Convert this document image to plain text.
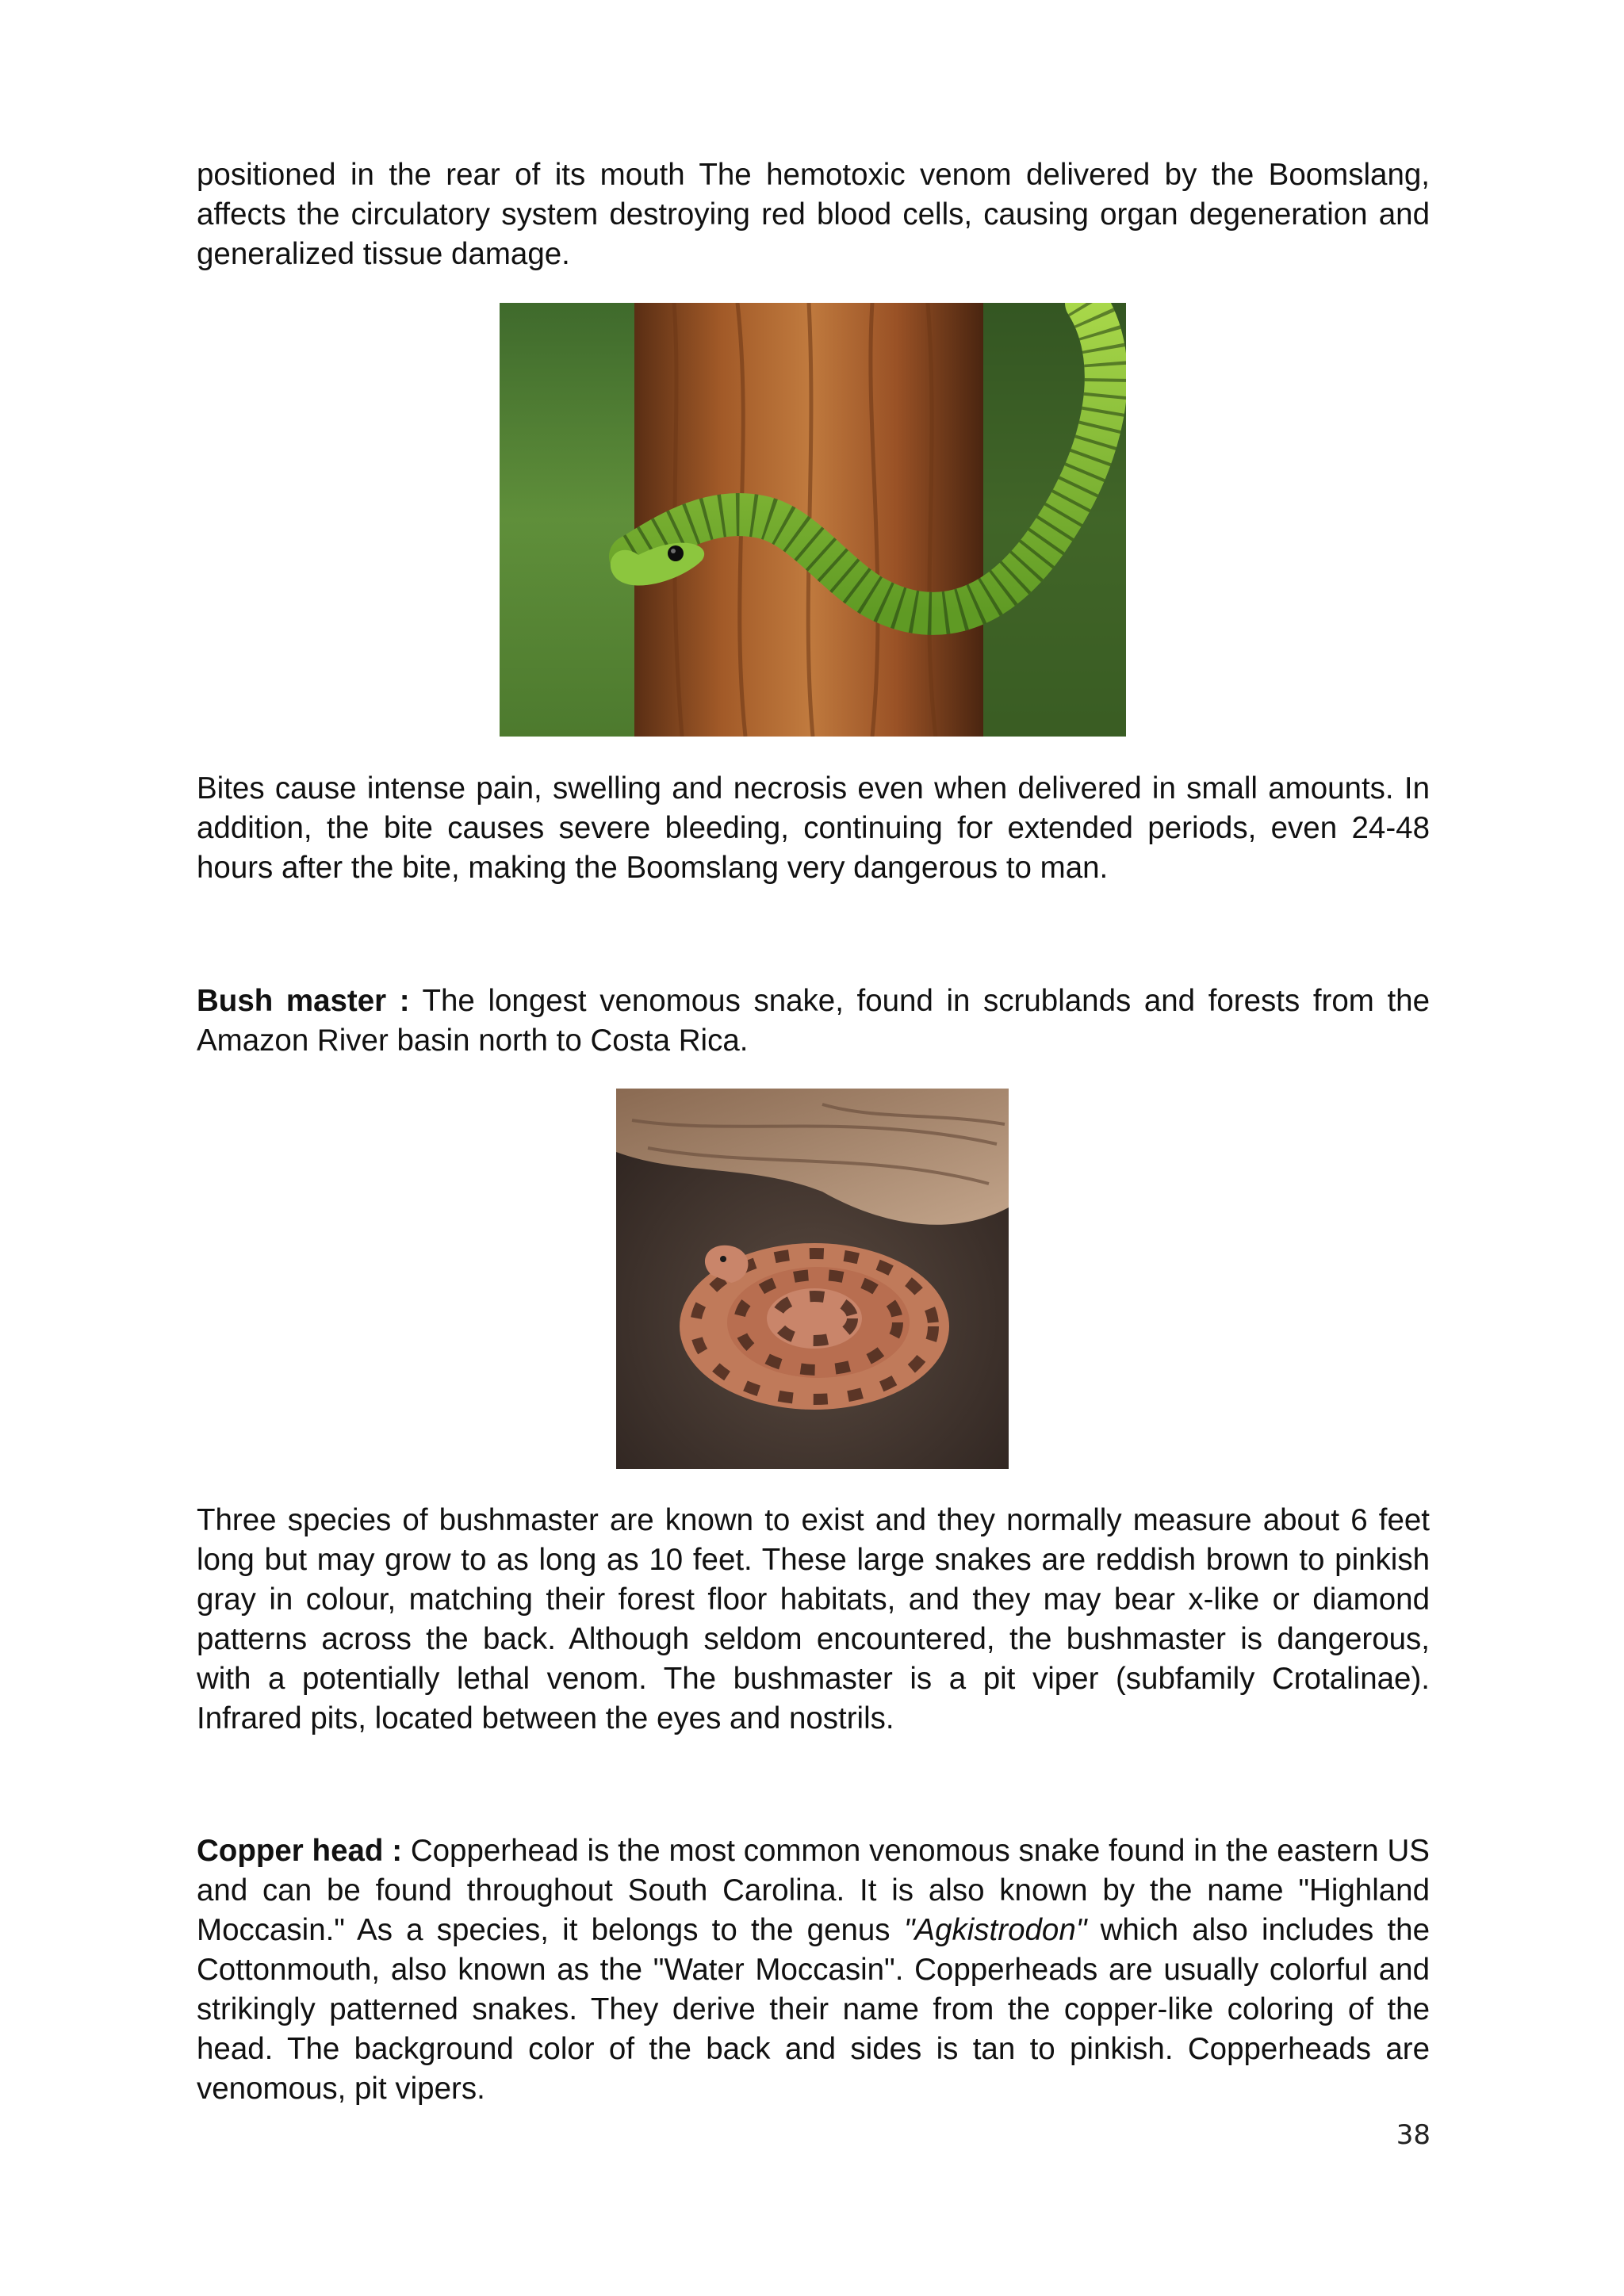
positioned in the rear of its mouth The hemotoxic venom delivered by the Boomslang, affects the circulatory system destroying red blood cells, causing organ degeneration and generalized tissue damage.

Bites cause intense pain, swelling and necrosis even when delivered in small amounts. In addition, the bite causes severe bleeding, continuing for extended periods, even 24-48 hours after the bite, making the Boomslang very dangerous to man.

Bush master : The longest venomous snake, found in scrublands and forests from the Amazon River basin north to Costa Rica.

Three species of bushmaster are known to exist and they normally measure about 6 feet long but may grow to as long as 10 feet. These large snakes are reddish brown to pinkish gray in colour, matching their forest floor habitats, and they may bear x-like or diamond patterns across the back. Although seldom encountered, the bushmaster is dangerous, with a potentially lethal venom. The bushmaster is a pit viper (subfamily Crotalinae). Infrared pits, located between the eyes and nostrils.

Copper head : Copperhead is the most common venomous snake found in the eastern US and can be found throughout South Carolina. It is also known by the name "Highland Moccasin." As a species, it belongs to the genus "Agkistrodon" which also includes the Cottonmouth, also known as the "Water Moccasin". Copperheads are usually colorful and strikingly patterned snakes. They derive their name from the copper-like coloring of the head. The background color of the back and sides is tan to pinkish. Copperheads are venomous, pit vipers.

38
